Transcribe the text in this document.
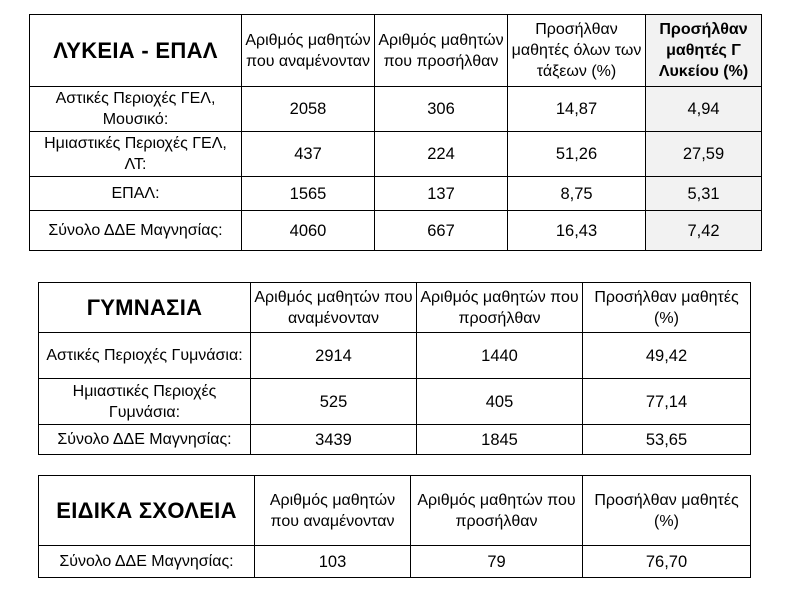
ΛΥΚΕΙΑ - ΕΠΑΛ	Αριθμός μαθητών που αναμένονταν	Αριθμός μαθητών που προσήλθαν	Προσήλθαν μαθητές όλων των τάξεων (%)	Προσήλθαν μαθητές Γ Λυκείου (%)
Αστικές Περιοχές ΓΕΛ, Μουσικό:	2058	306	14,87	4,94
Ημιαστικές Περιοχές ΓΕΛ, ΛΤ:	437	224	51,26	27,59
ΕΠΑΛ:	1565	137	8,75	5,31
Σύνολο ΔΔΕ Μαγνησίας:	4060	667	16,43	7,42
ΓΥΜΝΑΣΙΑ	Αριθμός μαθητών που αναμένονταν	Αριθμός μαθητών που προσήλθαν	Προσήλθαν μαθητές (%)
Αστικές Περιοχές Γυμνάσια:	2914	1440	49,42
Ημιαστικές Περιοχές Γυμνάσια:	525	405	77,14
Σύνολο ΔΔΕ Μαγνησίας:	3439	1845	53,65
ΕΙΔΙΚΑ ΣΧΟΛΕΙΑ	Αριθμός μαθητών που αναμένονταν	Αριθμός μαθητών που προσήλθαν	Προσήλθαν μαθητές (%)
Σύνολο ΔΔΕ Μαγνησίας:	103	79	76,70
